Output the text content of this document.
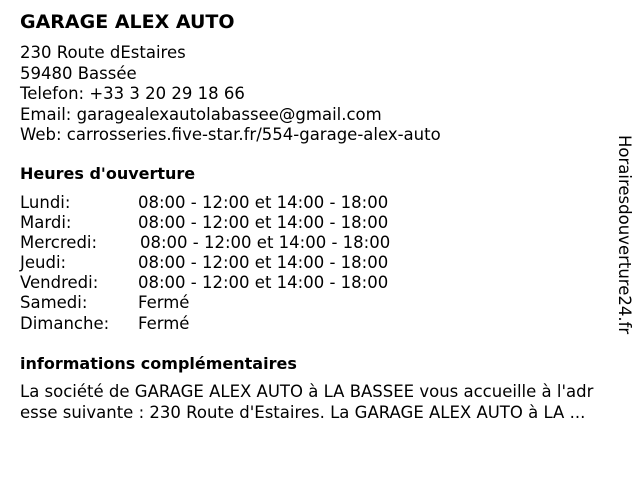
GARAGE ALEX AUTO
230 Route dEstaires
59480 Bassée
Telefon: +33 3 20 29 18 66
Email: garagealexautolabassee@gmail.com
Web: carrosseries.five-star.fr/554-garage-alex-auto
Heures d'ouverture
Lundi:	08:00 - 12:00 et 14:00 - 18:00
Mardi:	08:00 - 12:00 et 14:00 - 18:00
Mercredi:	08:00 - 12:00 et 14:00 - 18:00
Jeudi:	08:00 - 12:00 et 14:00 - 18:00
Vendredi: 08:00 - 12:00 et 14:00 - 18:00
Samedi:	Fermé
Dimanche: Fermé
informations complémentaires
La société de GARAGE ALEX AUTO à LA BASSEE vous accueille à l'adr
esse suivante : 230 Route d'Estaires. La GARAGE ALEX AUTO à LA ...
Horairesdouverture24.fr
